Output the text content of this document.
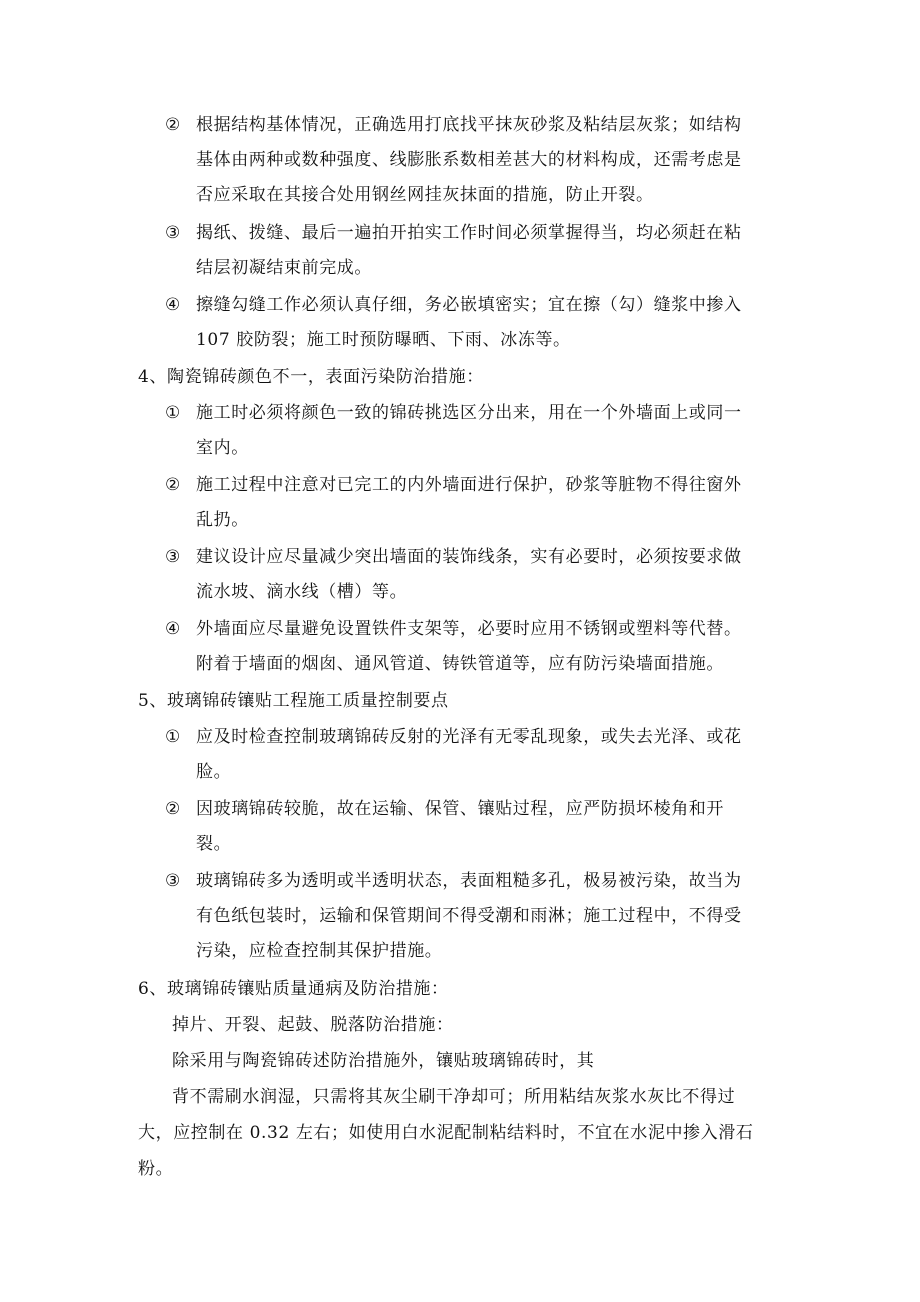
② 根据结构基体情况，正确选用打底找平抹灰砂浆及粘结层灰浆；如结构
基体由两种或数种强度、线膨胀系数相差甚大的材料构成，还需考虑是
否应采取在其接合处用钢丝网挂灰抹面的措施，防止开裂。
③ 揭纸、拨缝、最后一遍拍开拍实工作时间必须掌握得当，均必须赶在粘
结层初凝结束前完成。
④ 擦缝勾缝工作必须认真仔细，务必嵌填密实；宜在擦（勾）缝浆中掺入
107 胶防裂；施工时预防曝晒、下雨、冰冻等。
4、陶瓷锦砖颜色不一，表面污染防治措施：
① 施工时必须将颜色一致的锦砖挑选区分出来，用在一个外墙面上或同一
室内。
② 施工过程中注意对已完工的内外墙面进行保护，砂浆等脏物不得往窗外
乱扔。
③ 建议设计应尽量减少突出墙面的装饰线条，实有必要时，必须按要求做
流水坡、滴水线（槽）等。
④ 外墙面应尽量避免设置铁件支架等，必要时应用不锈钢或塑料等代替。
附着于墙面的烟囱、通风管道、铸铁管道等，应有防污染墙面措施。
5、玻璃锦砖镶贴工程施工质量控制要点
① 应及时检查控制玻璃锦砖反射的光泽有无零乱现象，或失去光泽、或花
脸。
② 因玻璃锦砖较脆，故在运输、保管、镶贴过程，应严防损坏棱角和开
裂。
③ 玻璃锦砖多为透明或半透明状态，表面粗糙多孔，极易被污染，故当为
有色纸包装时，运输和保管期间不得受潮和雨淋；施工过程中，不得受
污染，应检查控制其保护措施。
6、玻璃锦砖镶贴质量通病及防治措施：
掉片、开裂、起鼓、脱落防治措施：
除采用与陶瓷锦砖述防治措施外，镶贴玻璃锦砖时，其
背不需刷水润湿，只需将其灰尘刷干净却可；所用粘结灰浆水灰比不得过
大，应控制在 0.32 左右；如使用白水泥配制粘结料时，不宜在水泥中掺入滑石
粉。
